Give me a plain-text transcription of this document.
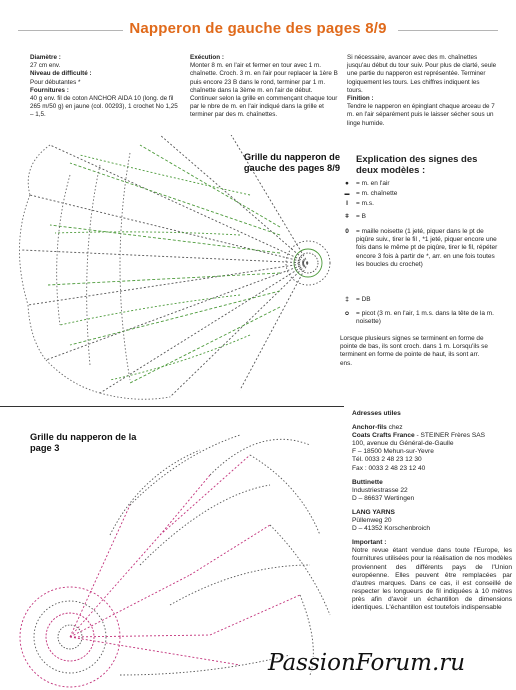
Napperon de gauche des pages 8/9
Diamètre :
27 cm env.
Niveau de difficulté :
Pour débutantes *
Fournitures :
40 g env. fil de coton ANCHOR AIDA 10 (long. de fil 265 m/50 g) en jaune (col. 00293), 1 crochet No 1,25 – 1,5.
Exécution :
Monter 8 m. en l'air et fermer en tour avec 1 m. chaînette. Croch. 3 m. en l'air pour replacer la 1ère B puis encore 23 B dans le rond, terminer par 1 m. chaînette dans la 3ème m. en l'air de début. Continuer selon la grille en commençant chaque tour par le nbre de m. en l'air indiqué dans la grille et terminer par des m. chaînettes.
Si nécessaire, avancer avec des m. chaînettes jusqu'au début du tour suiv. Pour plus de clarté, seule une partie du napperon est représentée. Terminer logiquement les tours. Les chiffres indiquent les tours.
Finition :
Tendre le napperon en épinglant chaque arceau de 7 m. en l'air séparément puis le laisser sécher sous un linge humide.
Grille du napperon de
gauche des pages 8/9
Explication des signes des
deux modèles :
●	= m. en l'air
▬	= m. chaînette
I	= m.s.
ǂ	= B
0	= maille noisette (1 jeté, piquer dans le pt de piqûre suiv., tirer le fil , *1 jeté, piquer encore une fois dans le même pt de piqûre, tirer le fil, répéter encore 3 fois à partir de *, arr. en une fois toutes les boucles du crochet)
‡	= DB
ᴑ	= picot (3 m. en l'air, 1 m.s. dans la tête de la m. noisette)
Lorsque plusieurs signes se terminent en forme de pointe de bas, ils sont croch. dans 1 m. Lorsqu'ils se terminent en forme de pointe de haut, ils sont arr. ens.
Grille du napperon de la
page 3
Adresses utiles
Anchor-fils chez
Coats Crafts France - STEINER Frères SAS
100, avenue du Général-de-Gaulle
F – 18500 Mehun-sur-Yevre
Tél. 0033 2 48 23 12 30
Fax : 0033 2 48 23 12 40
Buttinette
Industriestrasse 22
D – 86637 Wertingen
LANG YARNS
Püllenweg 20
D – 41352 Korschenbroich
Important :
Notre revue étant vendue dans toute l'Europe, les fournitures utilisées pour la réalisation de nos modèles proviennent des différents pays de l'Union européenne. Elles peuvent être remplacées par d'autres marques. Dans ce cas, il est conseillé de respecter les longueurs de fil indiquées à 10 mètres près afin d'avoir un échantillon de dimensions identiques. L'échantillon est toutefois indispensable
PassionForum.ru
